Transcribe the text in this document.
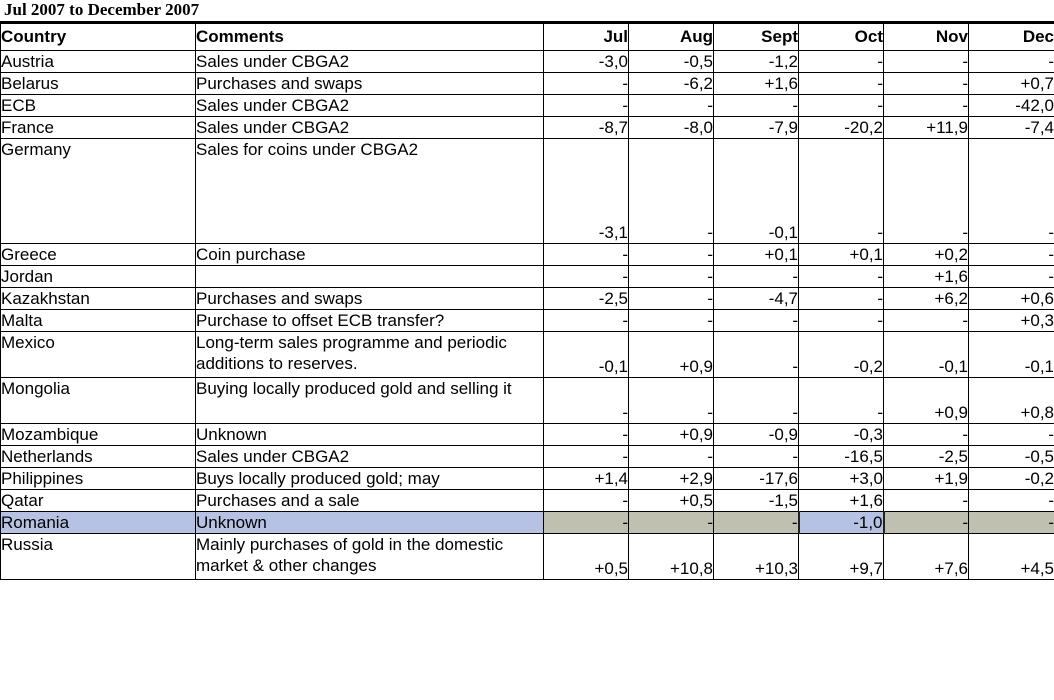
Jul 2007 to December 2007
Country	Comments	Jul	Aug	Sept	Oct	Nov	Dec
Austria	Sales under CBGA2	-3,0	-0,5	-1,2	-	-	-
Belarus	Purchases and swaps	-	-6,2	+1,6	-	-	+0,7
ECB	Sales under CBGA2	-	-	-	-	-	-42,0
France	Sales under CBGA2	-8,7	-8,0	-7,9	-20,2	+11,9	-7,4
Germany	Sales for coins under CBGA2	-3,1	-	-0,1	-	-	-
Greece	Coin purchase	-	-	+0,1	+0,1	+0,2	-
Jordan		-	-	-	-	+1,6	-
Kazakhstan	Purchases and swaps	-2,5	-	-4,7	-	+6,2	+0,6
Malta	Purchase to offset ECB transfer?	-	-	-	-	-	+0,3
Mexico	Long-term sales programme and periodic additions to reserves.	-0,1	+0,9	-	-0,2	-0,1	-0,1
Mongolia	Buying locally produced gold and selling it	-	-	-	-	+0,9	+0,8
Mozambique	Unknown	-	+0,9	-0,9	-0,3	-	-
Netherlands	Sales under CBGA2	-	-	-	-16,5	-2,5	-0,5
Philippines	Buys locally produced gold; may	+1,4	+2,9	-17,6	+3,0	+1,9	-0,2
Qatar	Purchases and a sale	-	+0,5	-1,5	+1,6	-	-
Romania	Unknown	-	-	-	-1,0	-	-
Russia	Mainly purchases of gold in the domestic market & other changes	+0,5	+10,8	+10,3	+9,7	+7,6	+4,5
